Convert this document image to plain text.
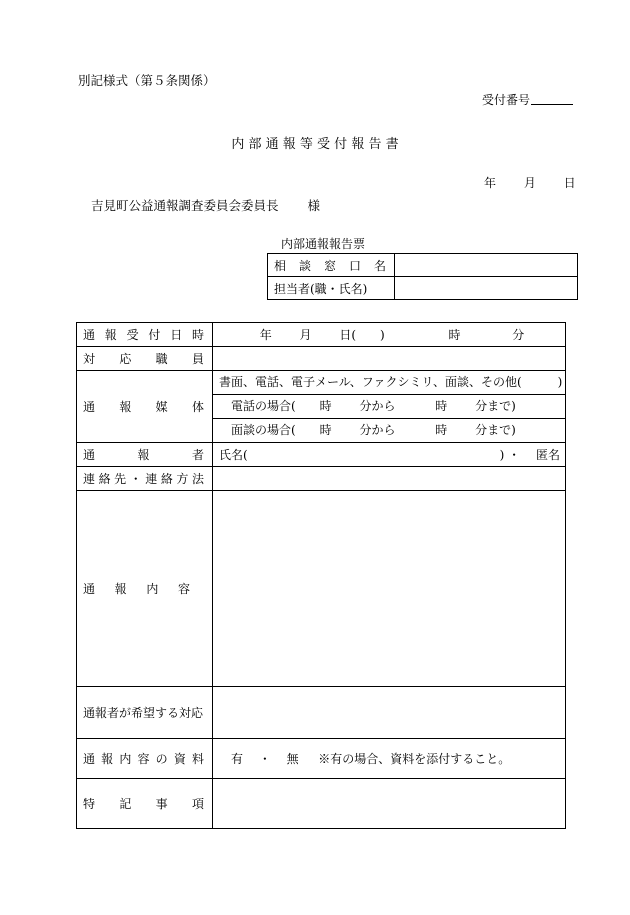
別記様式（第５条関係）
受付番号
内 部 通 報 等 受 付 報 告 書
年 　　月 　　日
吉見町公益通報調査委員会委員長 　　様
内部通報報告票
相 談 窓 口 名	
担当者(職・氏名)	
通報受付日時	年 　　月 　　日(　　) 　　　　　時 　　　　分
対応職員	
通報媒体	書面、電話、電子メール、ファクシミリ、面談、その他(　　　)
電話の場合(　　時 　　分から 　　　時 　　分まで)
面談の場合(　　時 　　分から 　　　時 　　分まで)

通報者	氏名(　　　　　　　　　　　　　　　　　　　　　) ・ 　匿名
連絡先・連絡方法	
通報内容	
通報者が希望する対応	
通報内容の資料	有 　・ 　無 　 ※有の場合、資料を添付すること。
特記事項	
